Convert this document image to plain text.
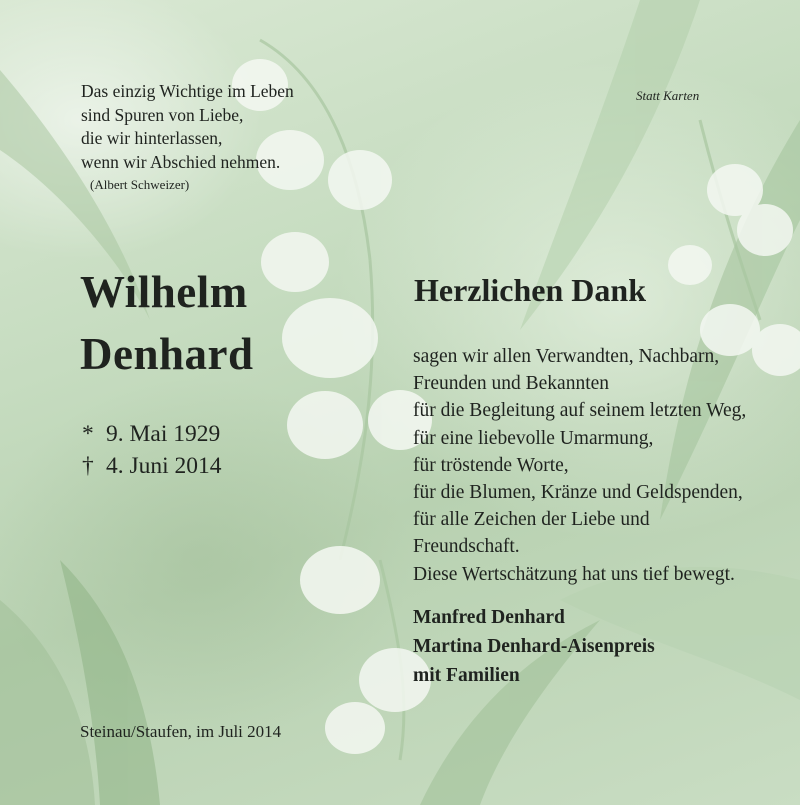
Das einzig Wichtige im Leben
sind Spuren von Liebe,
die wir hinterlassen,
wenn wir Abschied nehmen.
(Albert Schweizer)
Statt Karten
Wilhelm
Denhard
* 9. Mai 1929
† 4. Juni 2014
Herzlichen Dank
sagen wir allen Verwandten, Nachbarn,
Freunden und Bekannten
für die Begleitung auf seinem letzten Weg,
für eine liebevolle Umarmung,
für tröstende Worte,
für die Blumen, Kränze und Geldspenden,
für alle Zeichen der Liebe und
Freundschaft.
Diese Wertschätzung hat uns tief bewegt.
Manfred Denhard
Martina Denhard-Aisenpreis
mit Familien
Steinau/Staufen, im Juli 2014
